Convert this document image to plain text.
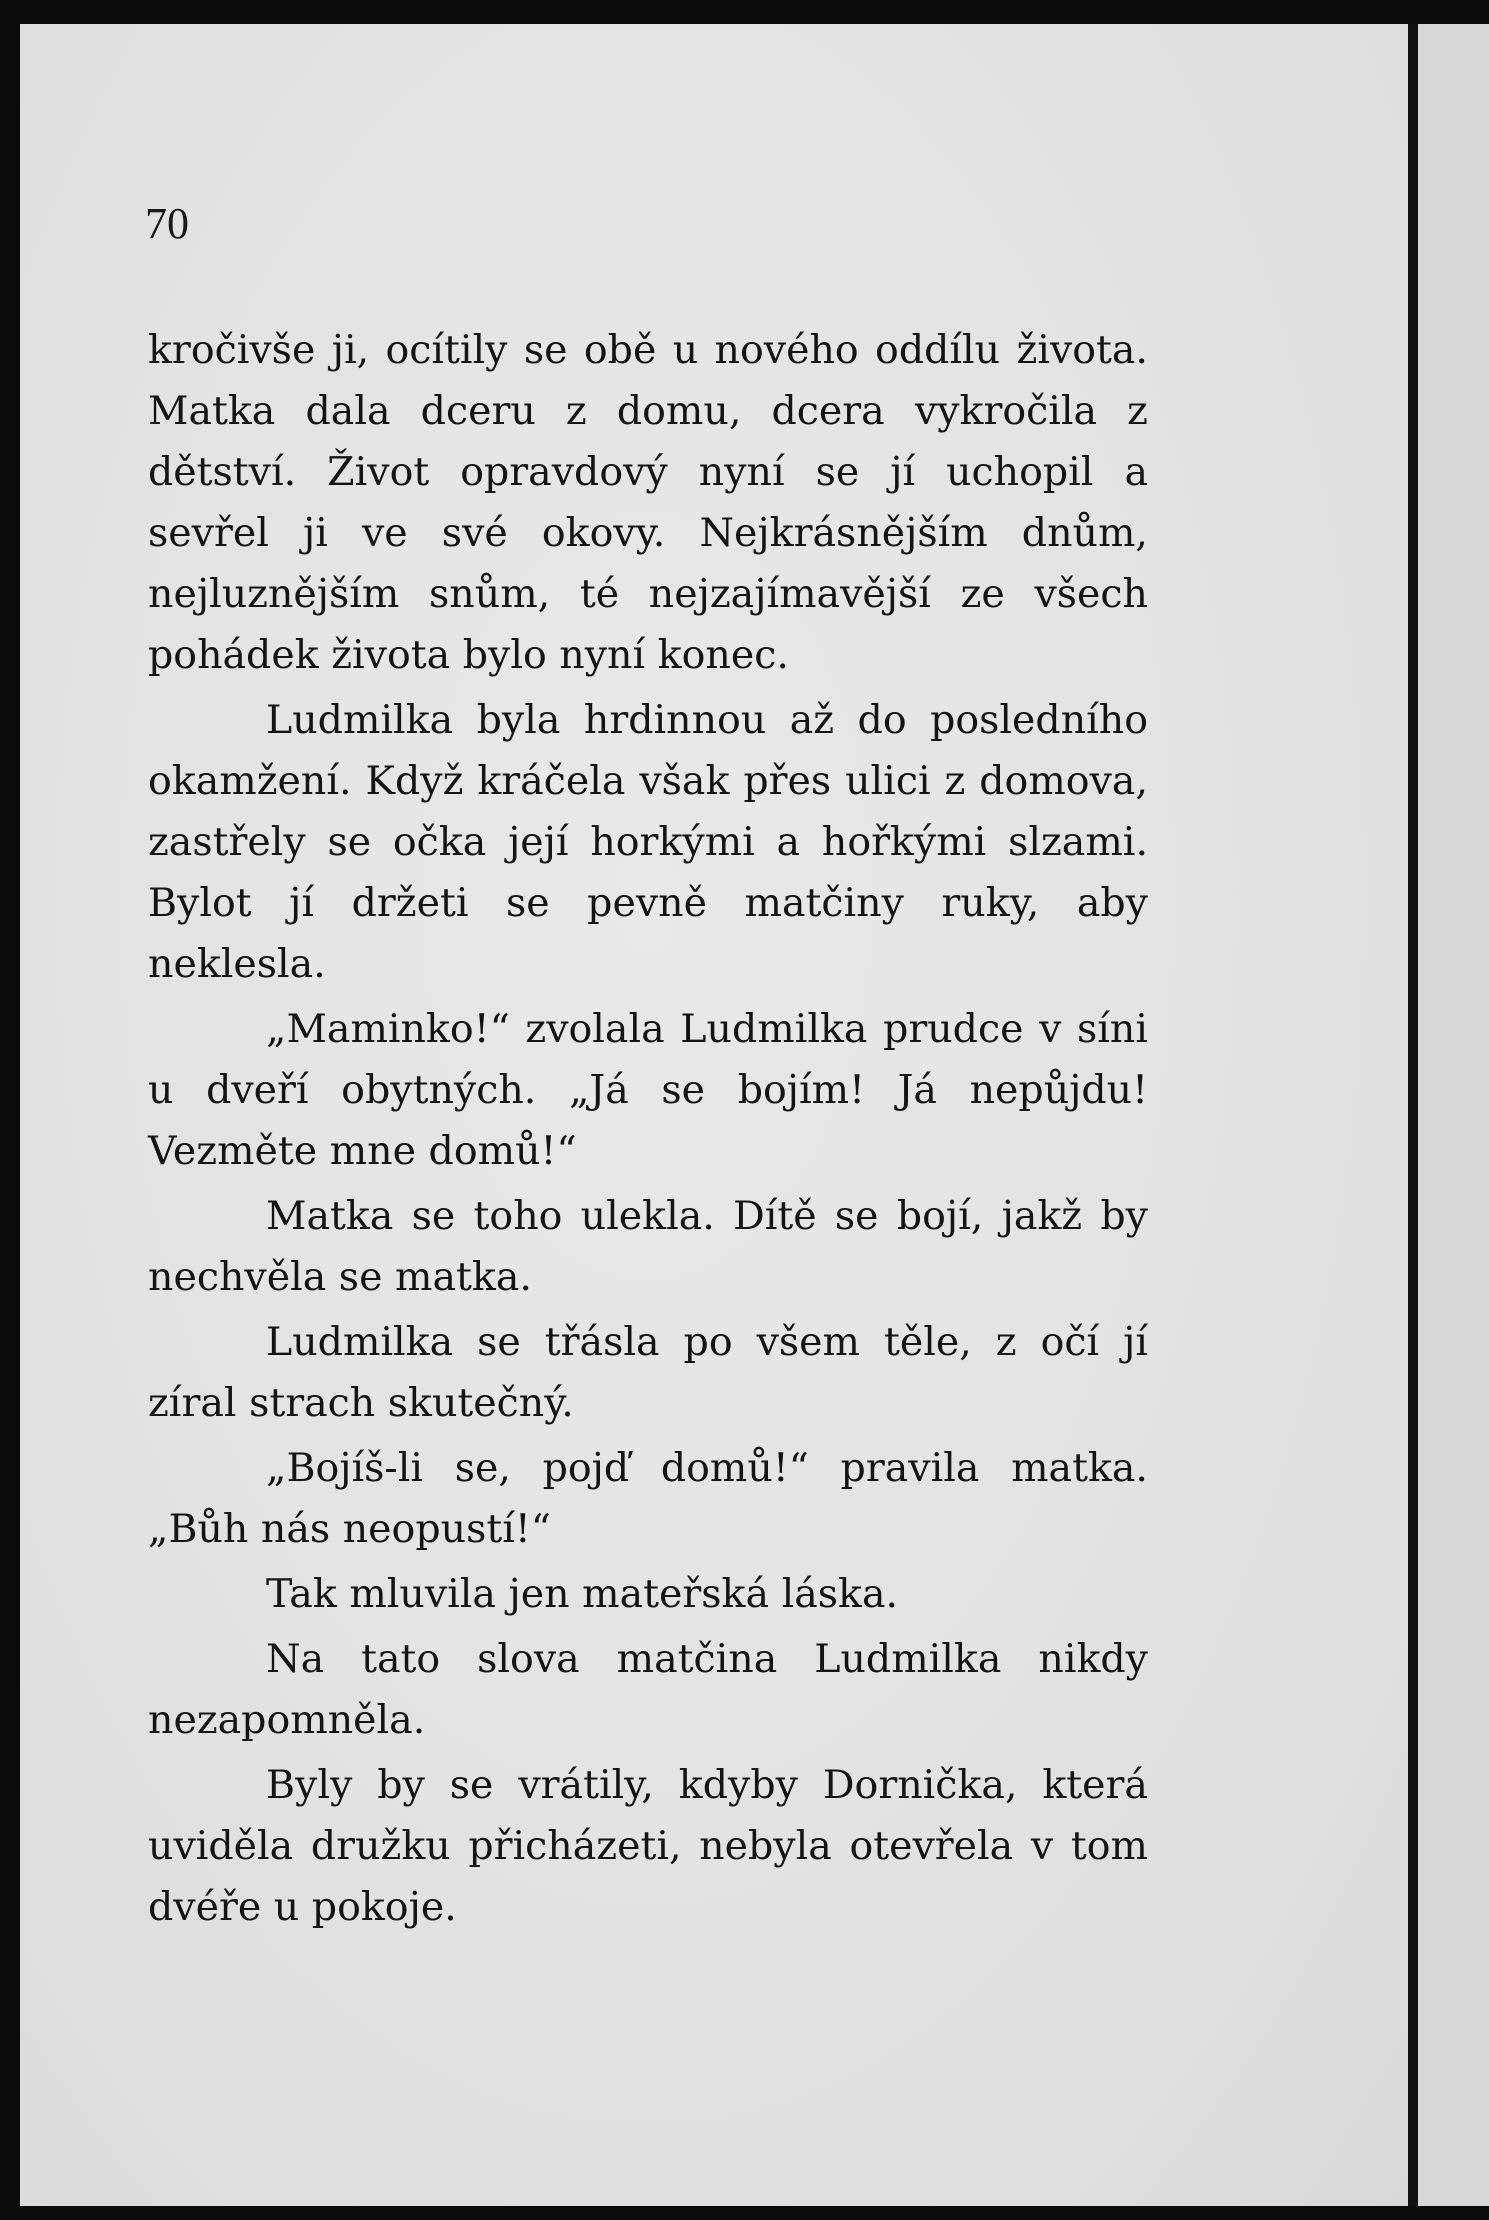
70

kročivše ji, ocítily se obě u nového oddílu života. Matka dala dceru z domu, dcera vykročila z dětství. Život opravdový nyní se jí uchopil a sevřel ji ve své okovy. Nejkrásnějším dnům, nejluznějším snům, té nejzajímavější ze všech pohádek života bylo nyní konec.

Ludmilka byla hrdinnou až do posledního okamžení. Když kráčela však přes ulici z domova, zastřely se očka její horkými a hořkými slzami. Bylot jí držeti se pevně matčiny ruky, aby neklesla.

„Maminko!“ zvolala Ludmilka prudce v síni u dveří obytných. „Já se bojím! Já nepůjdu! Vezměte mne domů!“

Matka se toho ulekla. Dítě se bojí, jakž by nechvěla se matka.

Ludmilka se třásla po všem těle, z očí jí zíral strach skutečný.

„Bojíš-li se, pojď domů!“ pravila matka. „Bůh nás neopustí!“

Tak mluvila jen mateřská láska.

Na tato slova matčina Ludmilka nikdy nezapomněla.

Byly by se vrátily, kdyby Dornička, která uviděla družku přicházeti, nebyla otevřela v tom dvéře u pokoje.
